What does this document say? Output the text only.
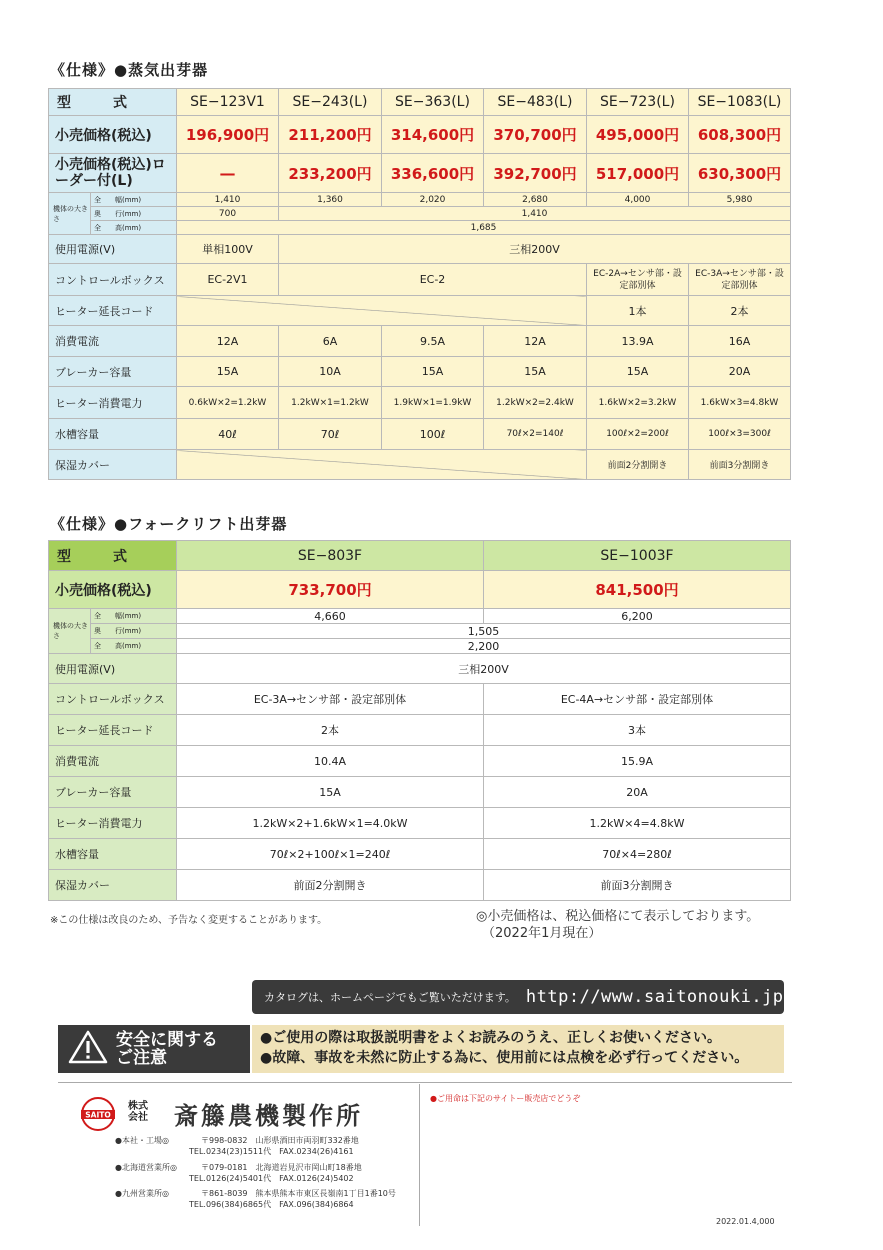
《仕様》●蒸気出芽器
型　　　式		SE−123V1	SE−243(L)	SE−363(L)	SE−483(L)	SE−723(L)	SE−1083(L)
小売価格(税込)		196,900円	211,200円	314,600円	370,700円	495,000円	608,300円
小売価格(税込)ローダー付(L)		—	233,200円	336,600円	392,700円	517,000円	630,300円
機体の大きさ	全　　幅(mm)	1,410	1,360	2,020	2,680	4,000	5,980
	奥　　行(mm)	700	1,410				
	全　　高(mm)	1,685					
使用電源(V)		単相100V	三相200V				
コントロールボックス		EC-2V1	EC-2			EC-2A→センサ部・設定部別体	EC-3A→センサ部・設定部別体
ヒーター延長コード						1本	2本
消費電流		12A	6A	9.5A	12A	13.9A	16A
ブレーカー容量		15A	10A	15A	15A	15A	20A
ヒーター消費電力		0.6kW×2=1.2kW	1.2kW×1=1.2kW	1.9kW×1=1.9kW	1.2kW×2=2.4kW	1.6kW×2=3.2kW	1.6kW×3=4.8kW
水槽容量		40ℓ	70ℓ	100ℓ	70ℓ×2=140ℓ	100ℓ×2=200ℓ	100ℓ×3=300ℓ
保湿カバー						前面2分割開き	前面3分割開き
《仕様》●フォークリフト出芽器
型　　　式		SE−803F	SE−1003F
小売価格(税込)		733,700円	841,500円
機体の大きさ	全　　幅(mm)	4,660	6,200
	奥　　行(mm)	1,505	
	全　　高(mm)	2,200	
使用電源(V)		三相200V	
コントロールボックス		EC-3A→センサ部・設定部別体	EC-4A→センサ部・設定部別体
ヒーター延長コード		2本	3本
消費電流		10.4A	15.9A
ブレーカー容量		15A	20A
ヒーター消費電力		1.2kW×2+1.6kW×1=4.0kW	1.2kW×4=4.8kW
水槽容量		70ℓ×2+100ℓ×1=240ℓ	70ℓ×4=280ℓ
保湿カバー		前面2分割開き	前面3分割開き
※この仕様は改良のため、予告なく変更することがあります。	◎小売価格は、税込価格にて表示しております。
（2022年1月現在）
カタログは、ホームページでもご覧いただけます。 http://www.saitonouki.jp
安全に関する
ご注意
●ご使用の際は取扱説明書をよくお読みのうえ、正しくお使いください。
●故障、事故を未然に防止する為に、使用前には点検を必ず行ってください。
SAITO
株式
会社 斎籐農機製作所
●本社・工場◎	〒998-0832　山形県酒田市両羽町332番地
TEL.0234(23)1511代　FAX.0234(26)4161
●北海道営業所◎	〒079-0181　北海道岩見沢市岡山町18番地
TEL.0126(24)5401代　FAX.0126(24)5402
●九州営業所◎	〒861-8039　熊本県熊本市東区長嶺南1丁目1番10号
TEL.096(384)6865代　FAX.096(384)6864
●ご用命は下記のサイトー販売店でどうぞ
2022.01.4,000
